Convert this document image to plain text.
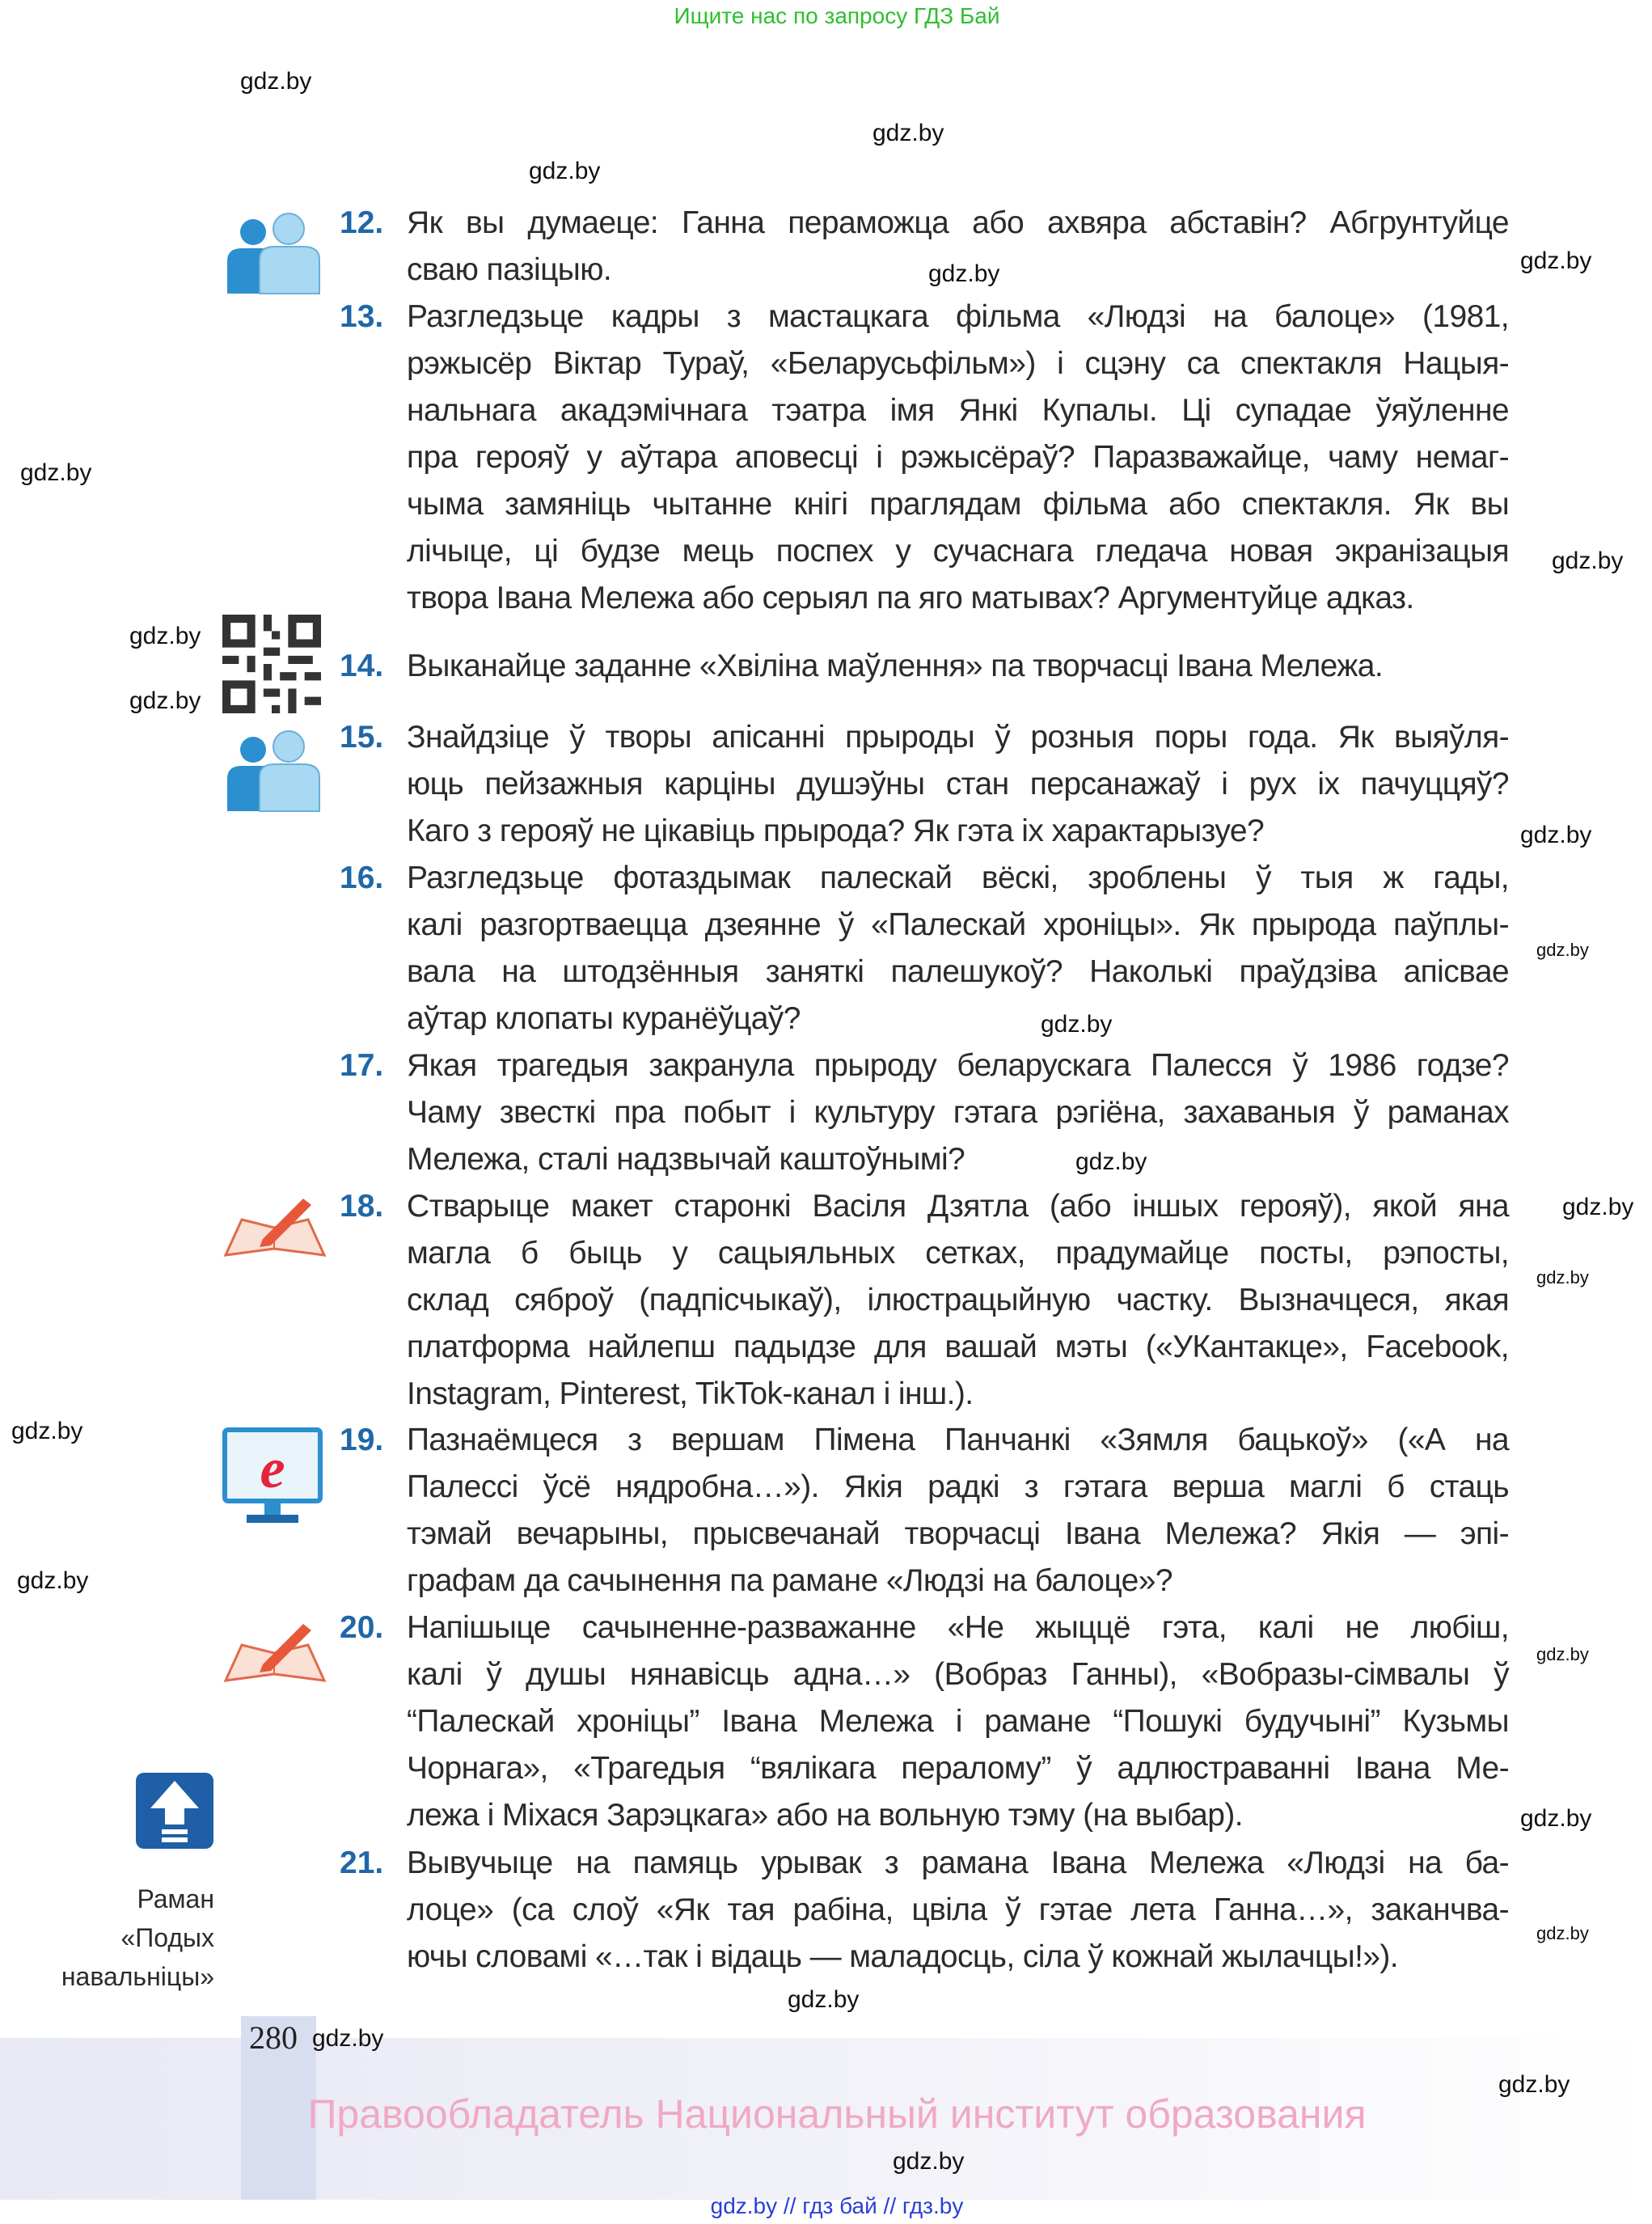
Ищите нас по запросу ГДЗ Бай
280
Правообладатель Национальный институт образования
gdz.by // гдз бай // гдз.by
e
Раман
«Подых
навальніцы»
12. Як вы думаеце: Ганна пераможца або ахвяра абставін? Абгрунтуйце
сваю пазіцыю.
13. Разгледзьце кадры з мастацкага фільма «Людзі на балоце» (1981,
рэжысёр Віктар Тураў, «Беларусьфільм») і сцэну са спектакля Нацыя-
нальнага акадэмічнага тэатра імя Янкі Купалы. Ці супадае ўяўленне
пра герояў у аўтара аповесці і рэжысёраў? Паразважайце, чаму немаг-
чыма замяніць чытанне кнігі праглядам фільма або спектакля. Як вы
лічыце, ці будзе мець поспех у сучаснага гледача новая экранізацыя
твора Івана Мележа або серыял па яго матывах? Аргументуйце адказ.
14. Выканайце заданне «Хвіліна маўлення» па творчасці Івана Мележа.
15. Знайдзіце ў творы апісанні прыроды ў розныя поры года. Як выяўля-
юць пейзажныя карціны душэўны стан персанажаў і рух іх пачуццяў?
Каго з герояў не цікавіць прырода? Як гэта іх характарызуе?
16. Разгледзьце фотаздымак палескай вёскі, зроблены ў тыя ж гады,
калі разгортваецца дзеянне ў «Палескай хроніцы». Як прырода паўплы-
вала на штодзённыя заняткі палешукоў? Наколькі праўдзіва апісвае
аўтар клопаты куранёўцаў?
17. Якая трагедыя закранула прыроду беларускага Палесся ў 1986 годзе?
Чаму звесткі пра побыт і культуру гэтага рэгіёна, захаваныя ў раманах
Мележа, сталі надзвычай каштоўнымі?
18. Стварыце макет старонкі Васіля Дзятла (або іншых герояў), якой яна
магла б быць у сацыяльных сетках, прадумайце посты, рэпосты,
склад сяброў (падпісчыкаў), ілюстрацыйную частку. Вызначцеся, якая
платформа найлепш падыдзе для вашай мэты («УКантакце», Facebook,
Instagram, Pinterest, TikTok-канал і інш.).
19. Пазнаёмцеся з вершам Пімена Панчанкі «Зямля бацькоў» («А на
Палессі ўсё нядробна…»). Якія радкі з гэтага верша маглі б стаць
тэмай вечарыны, прысвечанай творчасці Івана Мележа? Якія — эпі-
графам да сачынення па рамане «Людзі на балоце»?
20. Напішыце сачыненне-разважанне «Не жыццё гэта, калі не любіш,
калі ў душы нянавісць адна…» (Вобраз Ганны), «Вобразы-сімвалы ў
“Палескай хроніцы” Івана Мележа і рамане “Пошукі будучыні” Кузьмы
Чорнага», «Трагедыя “вялікага пералому” ў адлюстраванні Івана Ме-
лежа і Міхася Зарэцкага» або на вольную тэму (на выбар).
21. Вывучыце на памяць урывак з рамана Івана Мележа «Людзі на ба-
лоце» (са слоў «Як тая рабіна, цвіла ў гэтае лета Ганна…», заканчва-
ючы словамі «…так і відаць — маладосць, сіла ў кожнай жылачцы!»).
gdz.by
gdz.by
gdz.by
gdz.by
gdz.by
gdz.by
gdz.by
gdz.by
gdz.by
gdz.by
gdz.by
gdz.by
gdz.by
gdz.by
gdz.by
gdz.by
gdz.by
gdz.by
gdz.by
gdz.by
gdz.by
gdz.by
gdz.by
gdz.by
